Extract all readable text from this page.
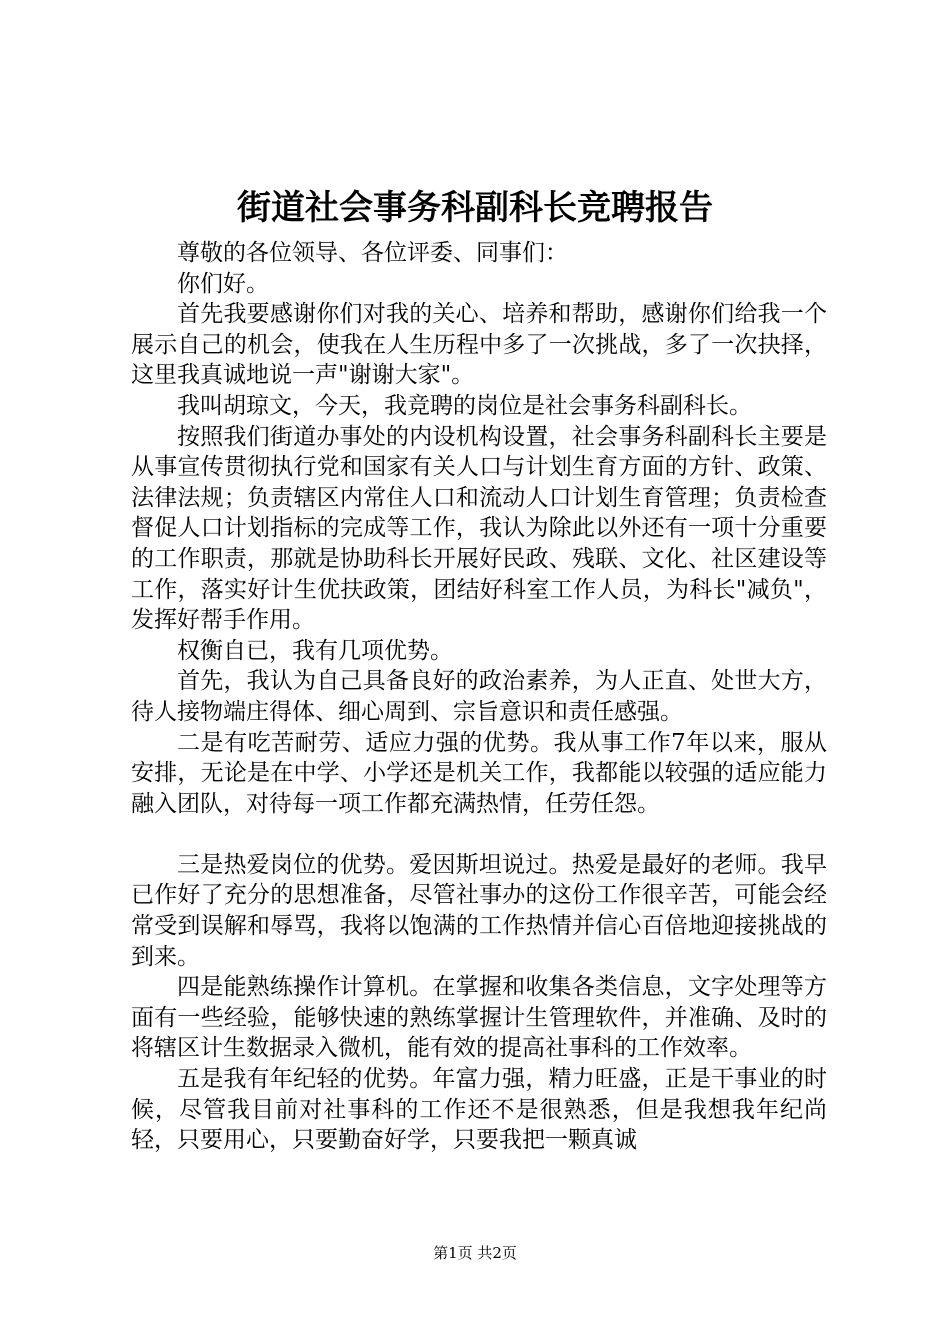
街道社会事务科副科长竞聘报告

尊敬的各位领导、各位评委、同事们：

你们好。

首先我要感谢你们对我的关心、培养和帮助，感谢你们给我一个展示自己的机会，使我在人生历程中多了一次挑战，多了一次抉择，这里我真诚地说一声"谢谢大家"。

我叫胡琼文，今天，我竞聘的岗位是社会事务科副科长。

按照我们街道办事处的内设机构设置，社会事务科副科长主要是从事宣传贯彻执行党和国家有关人口与计划生育方面的方针、政策、法律法规；负责辖区内常住人口和流动人口计划生育管理；负责检查督促人口计划指标的完成等工作，我认为除此以外还有一项十分重要的工作职责，那就是协助科长开展好民政、残联、文化、社区建设等工作，落实好计生优扶政策，团结好科室工作人员，为科长"减负"，发挥好帮手作用。

权衡自已，我有几项优势。

首先，我认为自己具备良好的政治素养，为人正直、处世大方，待人接物端庄得体、细心周到、宗旨意识和责任感强。

二是有吃苦耐劳、适应力强的优势。我从事工作7年以来，服从安排，无论是在中学、小学还是机关工作，我都能以较强的适应能力融入团队，对待每一项工作都充满热情，任劳任怨。

三是热爱岗位的优势。爱因斯坦说过。热爱是最好的老师。我早已作好了充分的思想准备，尽管社事办的这份工作很辛苦，可能会经常受到误解和辱骂，我将以饱满的工作热情并信心百倍地迎接挑战的到来。

四是能熟练操作计算机。在掌握和收集各类信息，文字处理等方面有一些经验，能够快速的熟练掌握计生管理软件，并准确、及时的将辖区计生数据录入微机，能有效的提高社事科的工作效率。

五是我有年纪轻的优势。年富力强，精力旺盛，正是干事业的时候，尽管我目前对社事科的工作还不是很熟悉，但是我想我年纪尚轻，只要用心，只要勤奋好学，只要我把一颗真诚

第1页 共2页
